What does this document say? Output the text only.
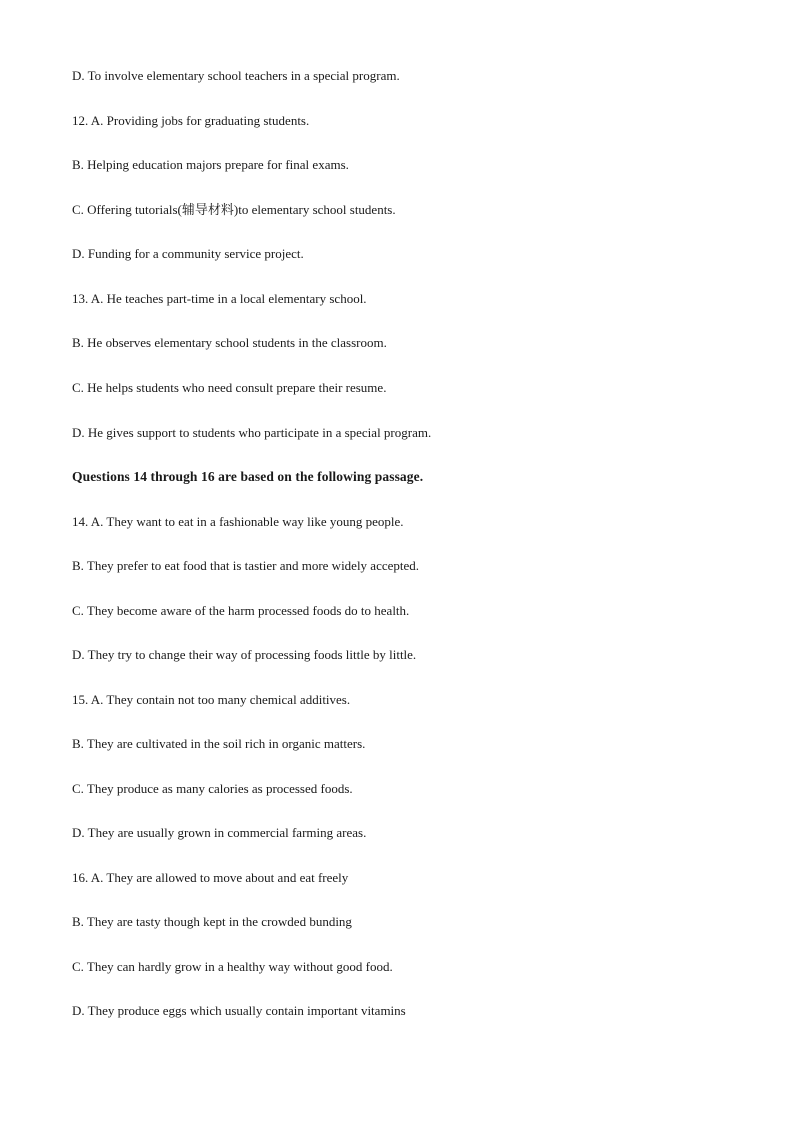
D. To involve elementary school teachers in a special program.

12. A. Providing jobs for graduating students.

B. Helping education majors prepare for final exams.

C. Offering tutorials(辅导材料)to elementary school students.

D. Funding for a community service project.

13. A. He teaches part-time in a local elementary school.

B. He observes elementary school students in the classroom.

C. He helps students who need consult prepare their resume.

D. He gives support to students who participate in a special program.

Questions 14 through 16 are based on the following passage.

14. A. They want to eat in a fashionable way like young people.

B. They prefer to eat food that is tastier and more widely accepted.

C. They become aware of the harm processed foods do to health.

D. They try to change their way of processing foods little by little.

15. A. They contain not too many chemical additives.

B. They are cultivated in the soil rich in organic matters.

C. They produce as many calories as processed foods.

D. They are usually grown in commercial farming areas.

16. A. They are allowed to move about and eat freely

B. They are tasty though kept in the crowded bunding

C. They can hardly grow in a healthy way without good food.

D. They produce eggs which usually contain important vitamins
